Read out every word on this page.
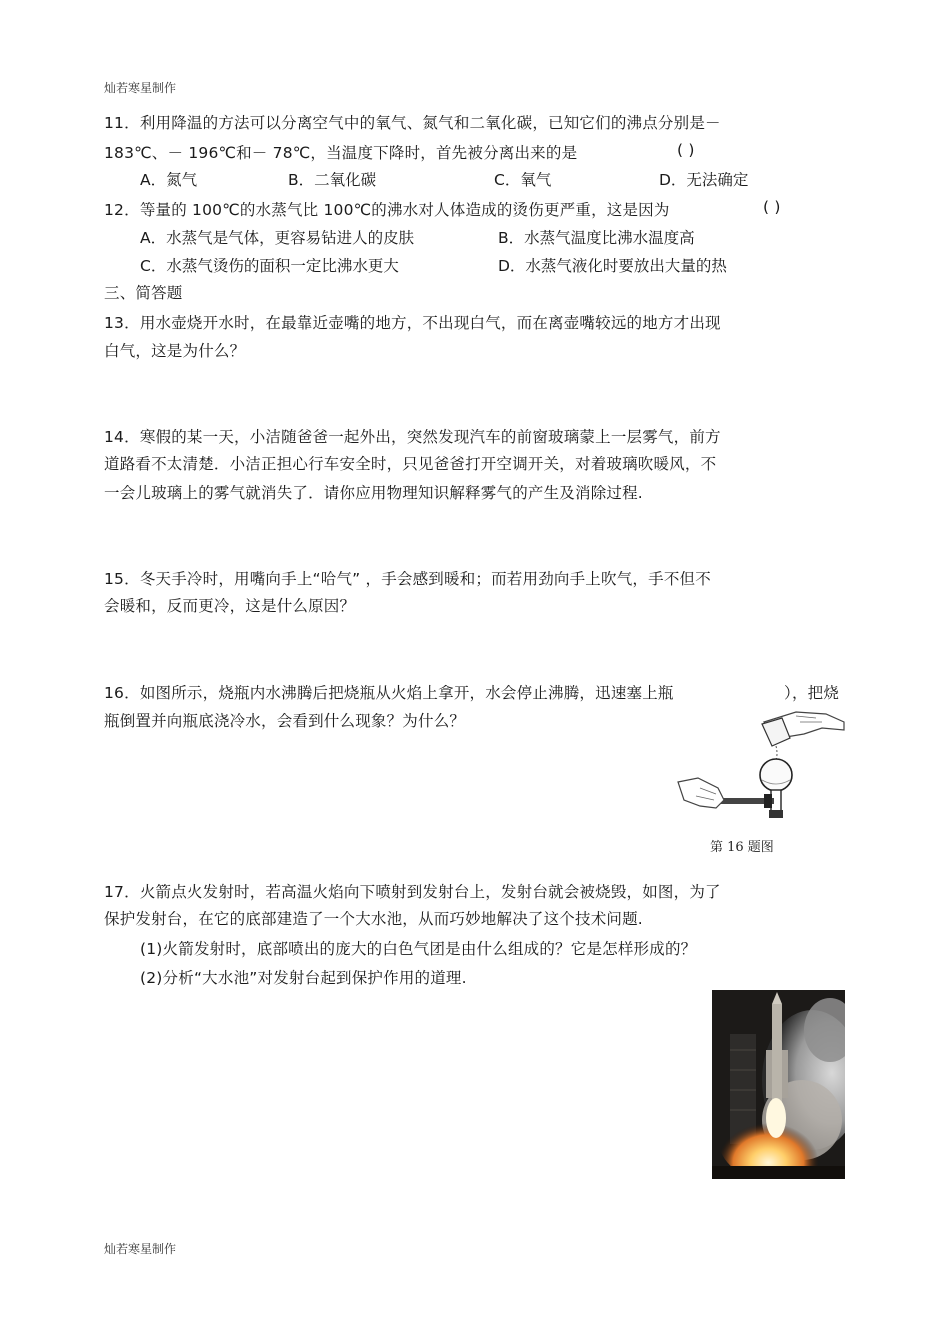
灿若寒星制作
11．利用降温的方法可以分离空气中的氧气、氮气和二氧化碳，已知它们的沸点分别是－
183℃、－ 196℃和－ 78℃，当温度下降时，首先被分离出来的是	( )
A．氮气	B．二氧化碳	C．氧气	D．无法确定
12．等量的 100℃的水蒸气比 100℃的沸水对人体造成的烫伤更严重，这是因为	( )
A．水蒸气是气体，更容易钻进人的皮肤	B．水蒸气温度比沸水温度高
C．水蒸气烫伤的面积一定比沸水更大	D．水蒸气液化时要放出大量的热
三、简答题
13．用水壶烧开水时，在最靠近壶嘴的地方，不出现白气，而在离壶嘴较远的地方才出现
白气，这是为什么？
14．寒假的某一天，小洁随爸爸一起外出，突然发现汽车的前窗玻璃蒙上一层雾气，前方
道路看不太清楚．小洁正担心行车安全时，只见爸爸打开空调开关，对着玻璃吹暖风，不
一会儿玻璃上的雾气就消失了．请你应用物理知识解释雾气的产生及消除过程.
15．冬天手冷时，用嘴向手上“哈气” ，手会感到暖和；而若用劲向手上吹气，手不但不
会暖和，反而更冷，这是什么原因？
16．如图所示，烧瓶内水沸腾后把烧瓶从火焰上拿开，水会停止沸腾，迅速塞上瓶	），把烧
瓶倒置并向瓶底浇冷水，会看到什么现象？为什么？
第 16 题图
17．火箭点火发射时，若高温火焰向下喷射到发射台上，发射台就会被烧毁，如图，为了
保护发射台，在它的底部建造了一个大水池，从而巧妙地解决了这个技术问题.
(1)火箭发射时，底部喷出的庞大的白色气团是由什么组成的？它是怎样形成的？
(2)分析“大水池”对发射台起到保护作用的道理.
灿若寒星制作
